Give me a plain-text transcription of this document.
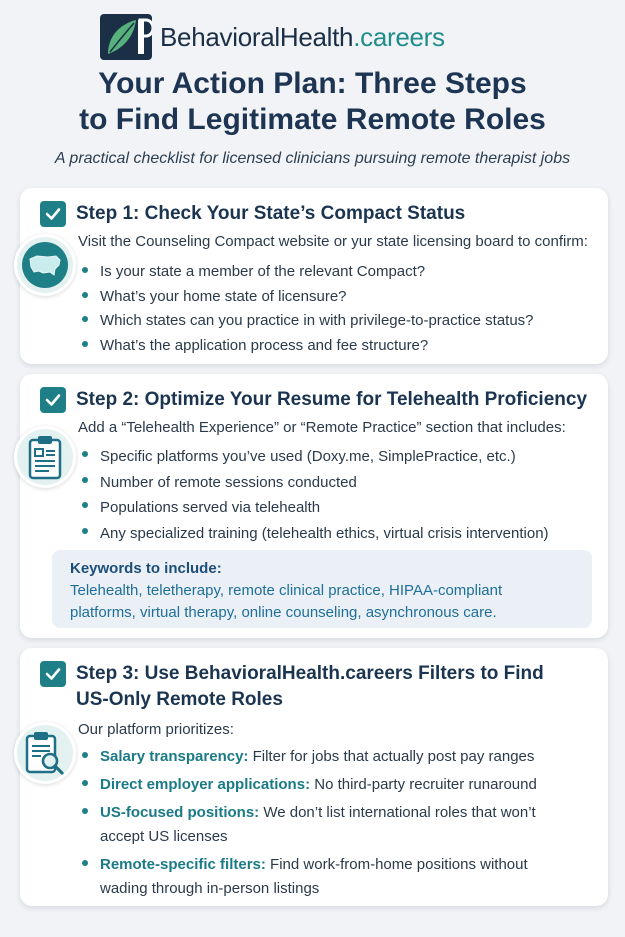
BehavioralHealth.careers
Your Action Plan: Three Steps
to Find Legitimate Remote Roles
A practical checklist for licensed clinicians pursuing remote therapist jobs
Step 1: Check Your State’s Compact Status
Visit the Counseling Compact website or yur state licensing board to confirm:
Is your state a member of the relevant Compact?
What’s your home state of licensure?
Which states can you practice in with privilege-to-practice status?
What’s the application process and fee structure?
Step 2: Optimize Your Resume for Telehealth Proficiency
Add a “Telehealth Experience” or “Remote Practice” section that includes:
Specific platforms you’ve used (Doxy.me, SimplePractice, etc.)
Number of remote sessions conducted
Populations served via telehealth
Any specialized training (telehealth ethics, virtual crisis intervention)
Keywords to include:
Telehealth, teletherapy, remote clinical practice, HIPAA-compliant
platforms, virtual therapy, online counseling, asynchronous care.
Step 3: Use BehavioralHealth.careers Filters to Find
US-Only Remote Roles
Our platform prioritizes:
Salary transparency: Filter for jobs that actually post pay ranges
Direct employer applications: No third-party recruiter runaround
US-focused positions: We don’t list international roles that won’t
accept US licenses
Remote-specific filters: Find work-from-home positions without
wading through in-person listings
